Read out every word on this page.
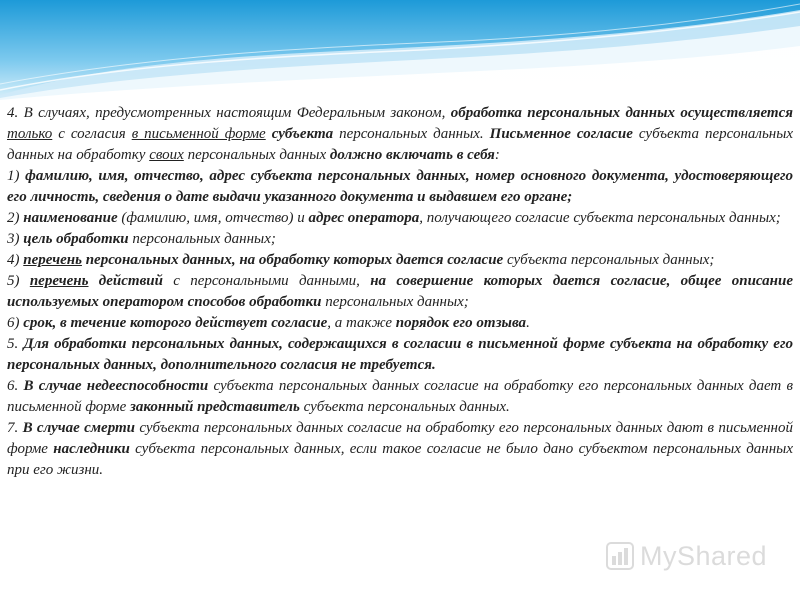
4. В случаях, предусмотренных настоящим Федеральным законом, обработка персональных данных осуществляется только с согласия в письменной форме субъекта персональных данных. Письменное согласие субъекта персональных данных на обработку своих персональных данных должно включать в себя:

1) фамилию, имя, отчество, адрес субъекта персональных данных, номер основного документа, удостоверяющего его личность, сведения о дате выдачи указанного документа и выдавшем его органе;

2) наименование (фамилию, имя, отчество) и адрес оператора, получающего согласие субъекта персональных данных;

3) цель обработки персональных данных;

4) перечень персональных данных, на обработку которых дается согласие субъекта персональных данных;

5) перечень действий с персональными данными, на совершение которых дается согласие, общее описание используемых оператором способов обработки персональных данных;

6) срок, в течение которого действует согласие, а также порядок его отзыва.

5. Для обработки персональных данных, содержащихся в согласии в письменной форме субъекта на обработку его персональных данных, дополнительного согласия не требуется.

6. В случае недееспособности субъекта персональных данных согласие на обработку его персональных данных дает в письменной форме законный представитель субъекта персональных данных.

7. В случае смерти субъекта персональных данных согласие на обработку его персональных данных дают в письменной форме наследники субъекта персональных данных, если такое согласие не было дано субъектом персональных данных при его жизни.

MyShared
